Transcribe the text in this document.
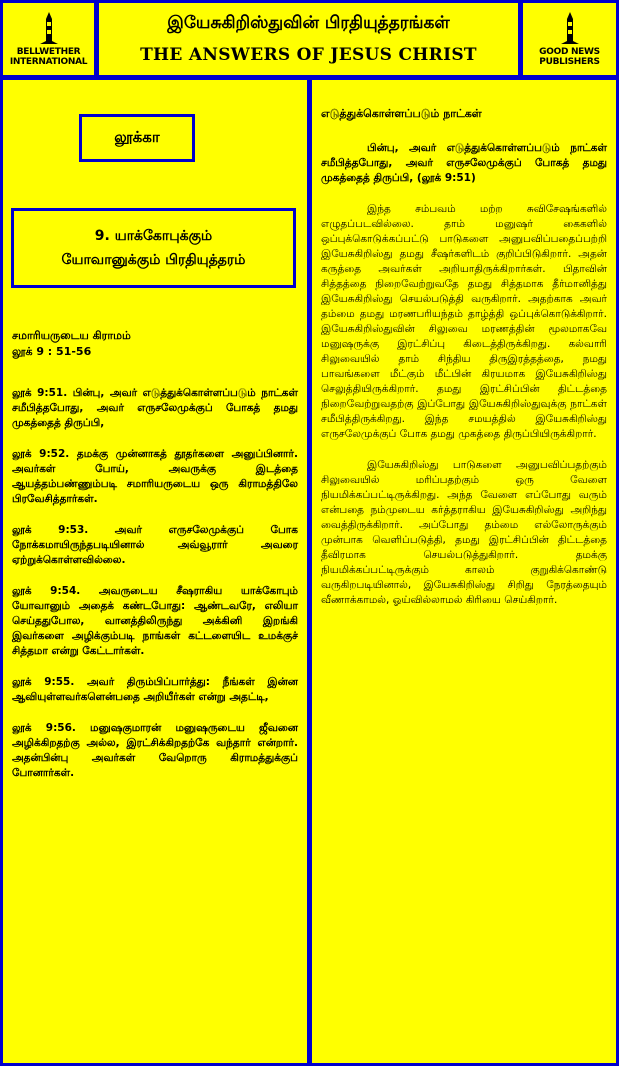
BELLWETHER
INTERNATIONAL
இயேசுகிறிஸ்துவின் பிரதியுத்தரங்கள்
THE ANSWERS OF JESUS CHRIST	GOOD NEWS
PUBLISHERS
லூக்கா
9. யாக்கோபுக்கும்
யோவானுக்கும் பிரதியுத்தரம்
சமாரியருடைய கிராமம்
லூக் 9 : 51-56

லூக் 9:51. பின்பு, அவர் எடுத்துக்கொள்ளப்படும் நாட்கள் சமீபித்தபோது, அவர் எருசலேமுக்குப் போகத் தமது முகத்தைத் திருப்பி,

லூக் 9:52. தமக்கு முன்னாகத் தூதர்களை அனுப்பினார். அவர்கள் போய், அவருக்கு இடத்தை ஆயத்தம்பண்ணும்படி சமாரியருடைய ஒரு கிராமத்திலே பிரவேசித்தார்கள்.

லூக் 9:53. அவர் எருசலேமுக்குப் போக நோக்கமாயிருந்தபடியினால் அவ்வூரார் அவரை ஏற்றுக்கொள்ளவில்லை.

லூக் 9:54. அவருடைய சீஷராகிய யாக்கோபும் யோவானும் அதைக் கண்டபோது: ஆண்டவரே, எலியா செய்ததுபோல, வானத்திலிருந்து அக்கினி இறங்கி இவர்களை அழிக்கும்படி நாங்கள் கட்டளையிட உமக்குச் சித்தமா என்று கேட்டார்கள்.

லூக் 9:55. அவர் திரும்பிப்பார்த்து: நீங்கள் இன்ன ஆவியுள்ளவர்களென்பதை அறியீர்கள் என்று அதட்டி,

லூக் 9:56. மனுஷகுமாரன் மனுஷருடைய ஜீவனை அழிக்கிறதற்கு அல்ல, இரட்சிக்கிறதற்கே வந்தார் என்றார். அதன்பின்பு அவர்கள் வேறொரு கிராமத்துக்குப் போனார்கள்.

எடுத்துக்கொள்ளப்படும் நாட்கள்

பின்பு, அவர் எடுத்துக்கொள்ளப்படும் நாட்கள் சமீபித்தபோது, அவர் எருசலேமுக்குப் போகத் தமது முகத்தைத் திருப்பி, (லூக் 9:51)

இந்த சம்பவம் மற்ற சுவிசேஷங்களில் எழுதப்படவில்லை. தாம் மனுஷர் கைகளில் ஒப்புக்கொடுக்கப்பட்டு பாடுகளை அனுபவிப்பதைப்பற்றி இயேசுகிறிஸ்து தமது சீஷர்களிடம் குறிப்பிடுகிறார். அதன் கருத்தை அவர்கள் அறியாதிருக்கிறார்கள். பிதாவின் சித்தத்தை நிறைவேற்றுவதே தமது சித்தமாக தீர்மானித்து இயேசுகிறிஸ்து செயல்படுத்தி வருகிறார். அதற்காக அவர் தம்மை தமது மரணபரியந்தம் தாழ்த்தி ஒப்புக்கொடுக்கிறார். இயேசுகிறிஸ்துவின் சிலுவை மரணத்தின் மூலமாகவே மனுஷருக்கு இரட்சிப்பு கிடைத்திருக்கிறது. கல்வாரி சிலுவையில் தாம் சிந்திய திருஇரத்தத்தை, நமது பாவங்களை மீட்கும் மீட்பின் கிரயமாக இயேசுகிறிஸ்து செலுத்தியிருக்கிறார். தமது இரட்சிப்பின் திட்டத்தை நிறைவேற்றுவதற்கு இப்போது இயேசுகிறிஸ்துவுக்கு நாட்கள் சமீபித்திருக்கிறது. இந்த சமயத்தில் இயேசுகிறிஸ்து எருசலேமுக்குப் போக தமது முகத்தை திருப்பியிருக்கிறார்.

இயேசுகிறிஸ்து பாடுகளை அனுபவிப்பதற்கும் சிலுவையில் மரிப்பதற்கும் ஒரு வேளை நியமிக்கப்பட்டிருக்கிறது. அந்த வேளை எப்போது வரும் என்பதை நம்முடைய கர்த்தராகிய இயேசுகிறிஸ்து அறிந்து வைத்திருக்கிறார். அப்போது தம்மை எல்லோருக்கும் முன்பாக வெளிப்படுத்தி, தமது இரட்சிப்பின் திட்டத்தை தீவிரமாக செயல்படுத்துகிறார். தமக்கு நியமிக்கப்பட்டிருக்கும் காலம் குறுகிக்கொண்டு வருகிறபடியினால், இயேசுகிறிஸ்து சிறிது நேரத்தையும் வீணாக்காமல், ஓய்வில்லாமல் கிரியை செய்கிறார்.
